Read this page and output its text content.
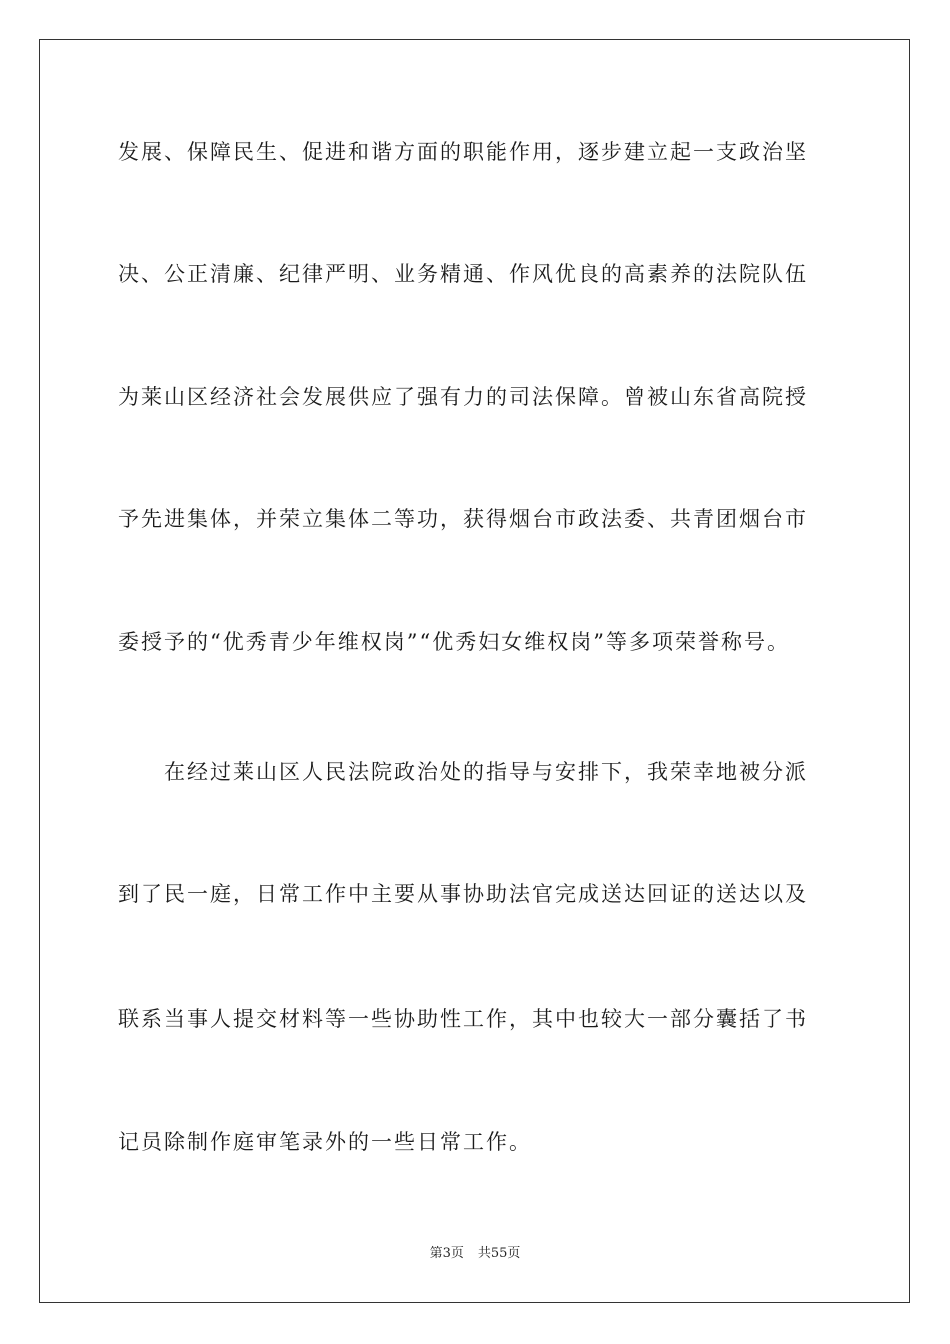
发展、保障民生、促进和谐方面的职能作用，逐步建立起一支政治坚
决、公正清廉、纪律严明、业务精通、作风优良的高素养的法院队伍
为莱山区经济社会发展供应了强有力的司法保障。曾被山东省高院授
予先进集体，并荣立集体二等功，获得烟台市政法委、共青团烟台市
委授予的“优秀青少年维权岗”“优秀妇女维权岗”等多项荣誉称号。
在经过莱山区人民法院政治处的指导与安排下，我荣幸地被分派
到了民一庭，日常工作中主要从事协助法官完成送达回证的送达以及
联系当事人提交材料等一些协助性工作，其中也较大一部分囊括了书
记员除制作庭审笔录外的一些日常工作。
第3页 共55页
